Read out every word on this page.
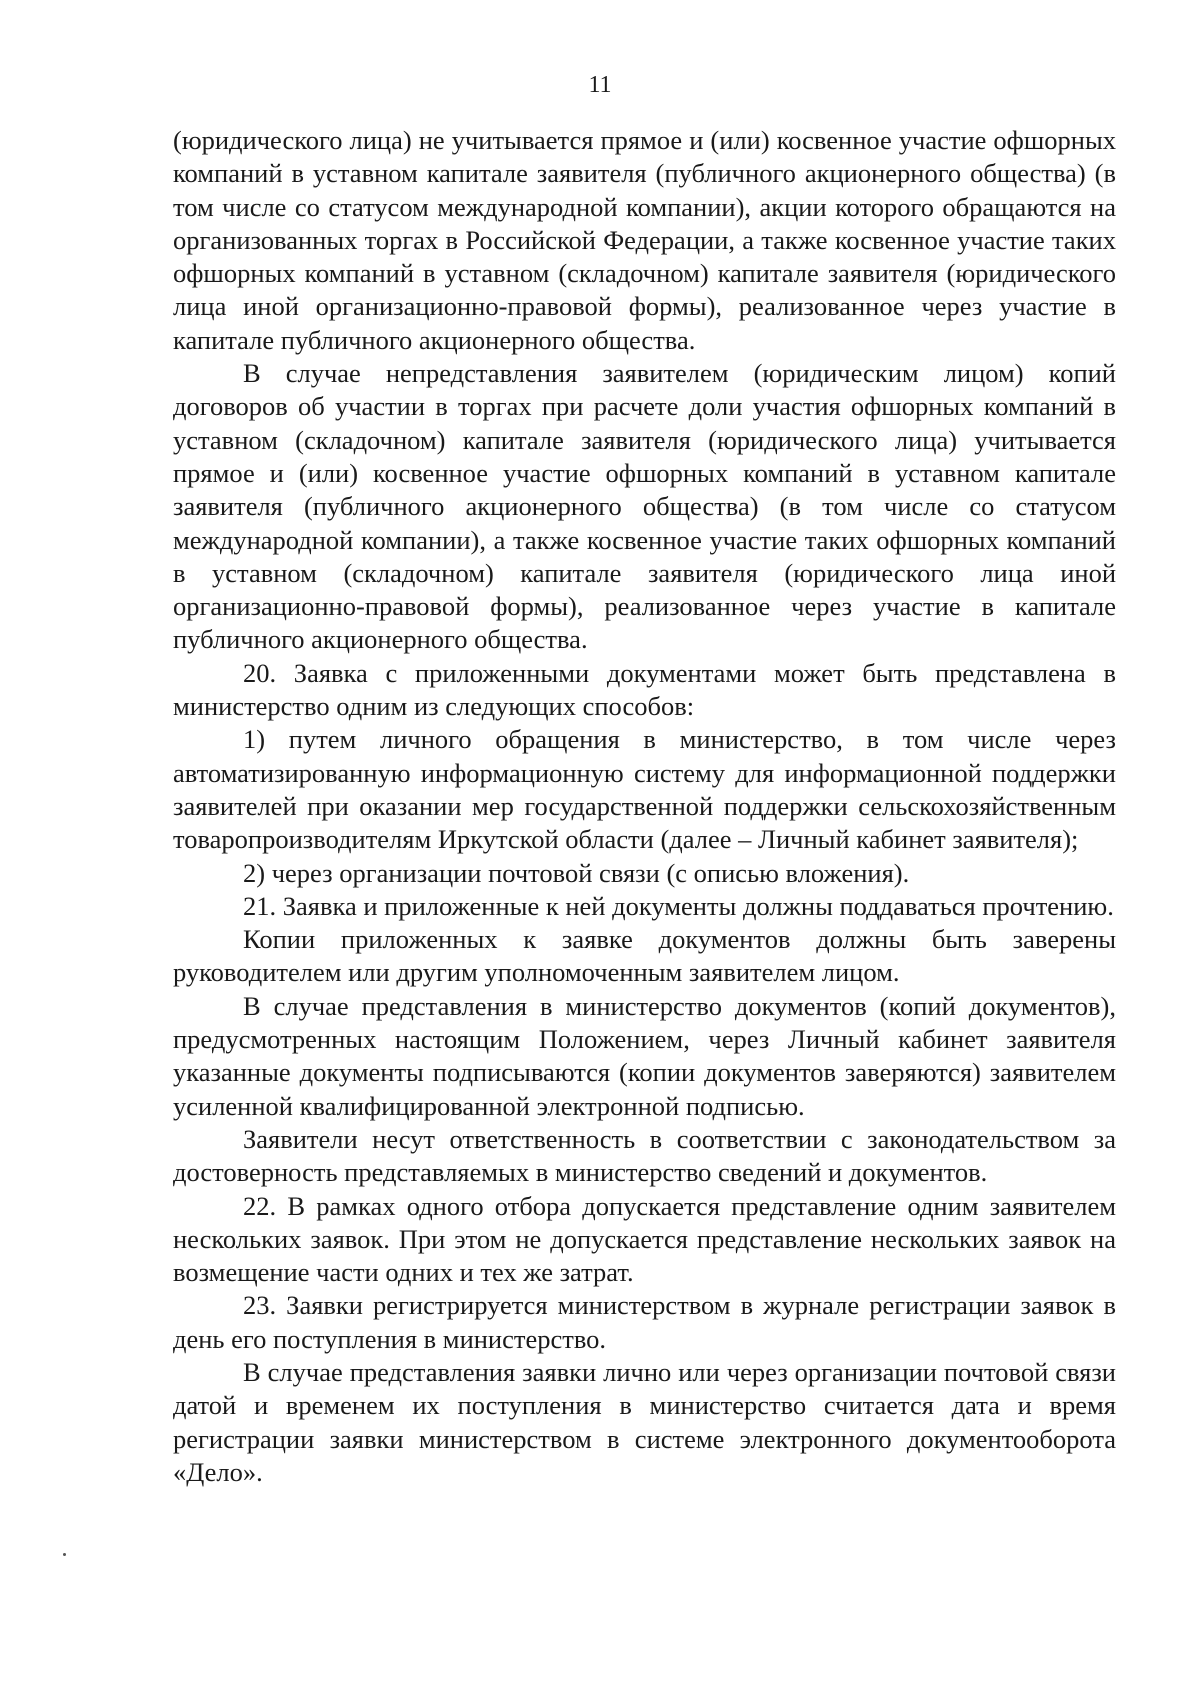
11

(юридического лица) не учитывается прямое и (или) косвенное участие офшорных компаний в уставном капитале заявителя (публичного акционерного общества) (в том числе со статусом международной компании), акции которого обращаются на организованных торгах в Российской Федерации, а также косвенное участие таких офшорных компаний в уставном (складочном) капитале заявителя (юридического лица иной организационно-правовой формы), реализованное через участие в капитале публичного акционерного общества.

В случае непредставления заявителем (юридическим лицом) копий договоров об участии в торгах при расчете доли участия офшорных компаний в уставном (складочном) капитале заявителя (юридического лица) учитывается прямое и (или) косвенное участие офшорных компаний в уставном капитале заявителя (публичного акционерного общества) (в том числе со статусом международной компании), а также косвенное участие таких офшорных компаний в уставном (складочном) капитале заявителя (юридического лица иной организационно-правовой формы), реализованное через участие в капитале публичного акционерного общества.

20. Заявка с приложенными документами может быть представлена в министерство одним из следующих способов:

1) путем личного обращения в министерство, в том числе через автоматизированную информационную систему для информационной поддержки заявителей при оказании мер государственной поддержки сельскохозяйственным товаропроизводителям Иркутской области (далее – Личный кабинет заявителя);

2) через организации почтовой связи (с описью вложения).

21. Заявка и приложенные к ней документы должны поддаваться прочтению.

Копии приложенных к заявке документов должны быть заверены руководителем или другим уполномоченным заявителем лицом.

В случае представления в министерство документов (копий документов), предусмотренных настоящим Положением, через Личный кабинет заявителя указанные документы подписываются (копии документов заверяются) заявителем усиленной квалифицированной электронной подписью.

Заявители несут ответственность в соответствии с законодательством за достоверность представляемых в министерство сведений и документов.

22. В рамках одного отбора допускается представление одним заявителем нескольких заявок. При этом не допускается представление нескольких заявок на возмещение части одних и тех же затрат.

23. Заявки регистрируется министерством в журнале регистрации заявок в день его поступления в министерство.

В случае представления заявки лично или через организации почтовой связи датой и временем их поступления в министерство считается дата и время регистрации заявки министерством в системе электронного документооборота «Дело».
